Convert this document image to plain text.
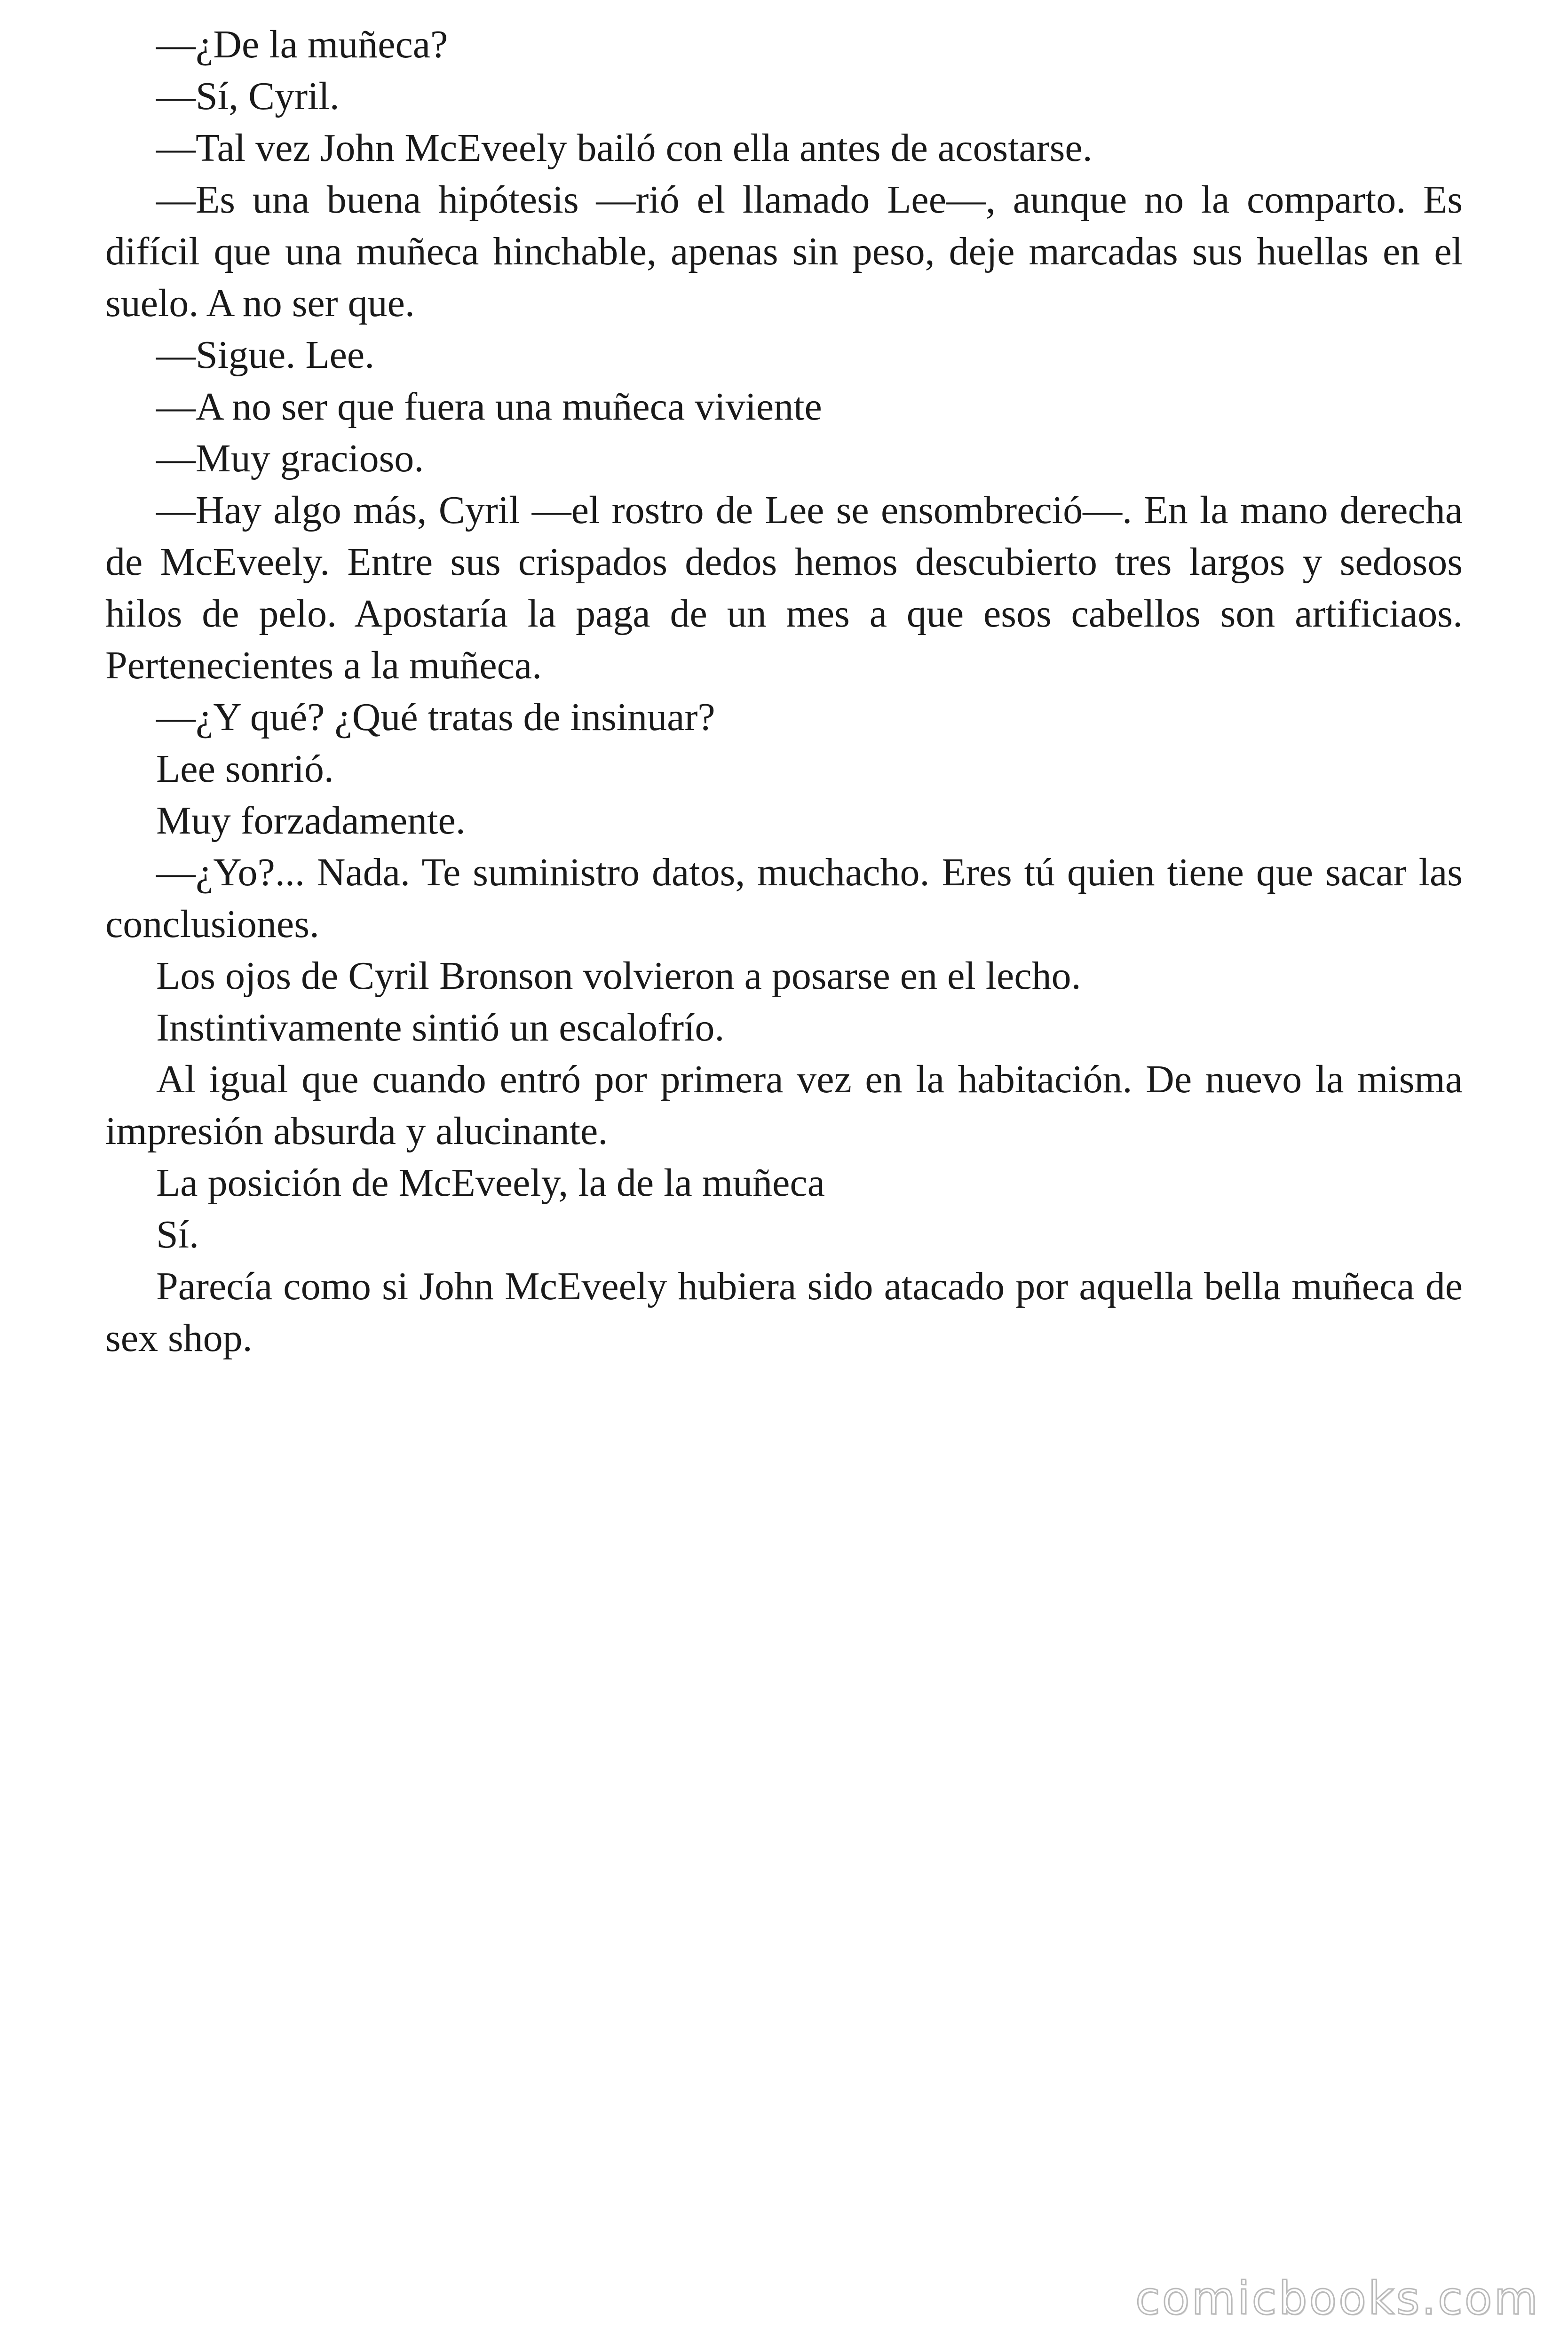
—¿De la muñeca?

—Sí, Cyril.

—Tal vez John McEveely bailó con ella antes de acostarse.

—Es una buena hipótesis —rió el llamado Lee—, aunque no la comparto. Es difícil que una muñeca hinchable, apenas sin peso, deje marcadas sus huellas en el suelo. A no ser que.

—Sigue. Lee.

—A no ser que fuera una muñeca viviente

—Muy gracioso.

—Hay algo más, Cyril —el rostro de Lee se ensombreció—. En la mano derecha de McEveely. Entre sus crispados dedos hemos descubierto tres largos y sedosos hilos de pelo. Apostaría la paga de un mes a que esos cabellos son artificiaos. Pertenecientes a la muñeca.

—¿Y qué? ¿Qué tratas de insinuar?

Lee sonrió.

Muy forzadamente.

—¿Yo?... Nada. Te suministro datos, muchacho. Eres tú quien tiene que sacar las conclusiones.

Los ojos de Cyril Bronson volvieron a posarse en el lecho.

Instintivamente sintió un escalofrío.

Al igual que cuando entró por primera vez en la habitación. De nuevo la misma impresión absurda y alucinante.

La posición de McEveely, la de la muñeca

Sí.

Parecía como si John McEveely hubiera sido atacado por aquella bella muñeca de sex shop.

comicbooks.com
